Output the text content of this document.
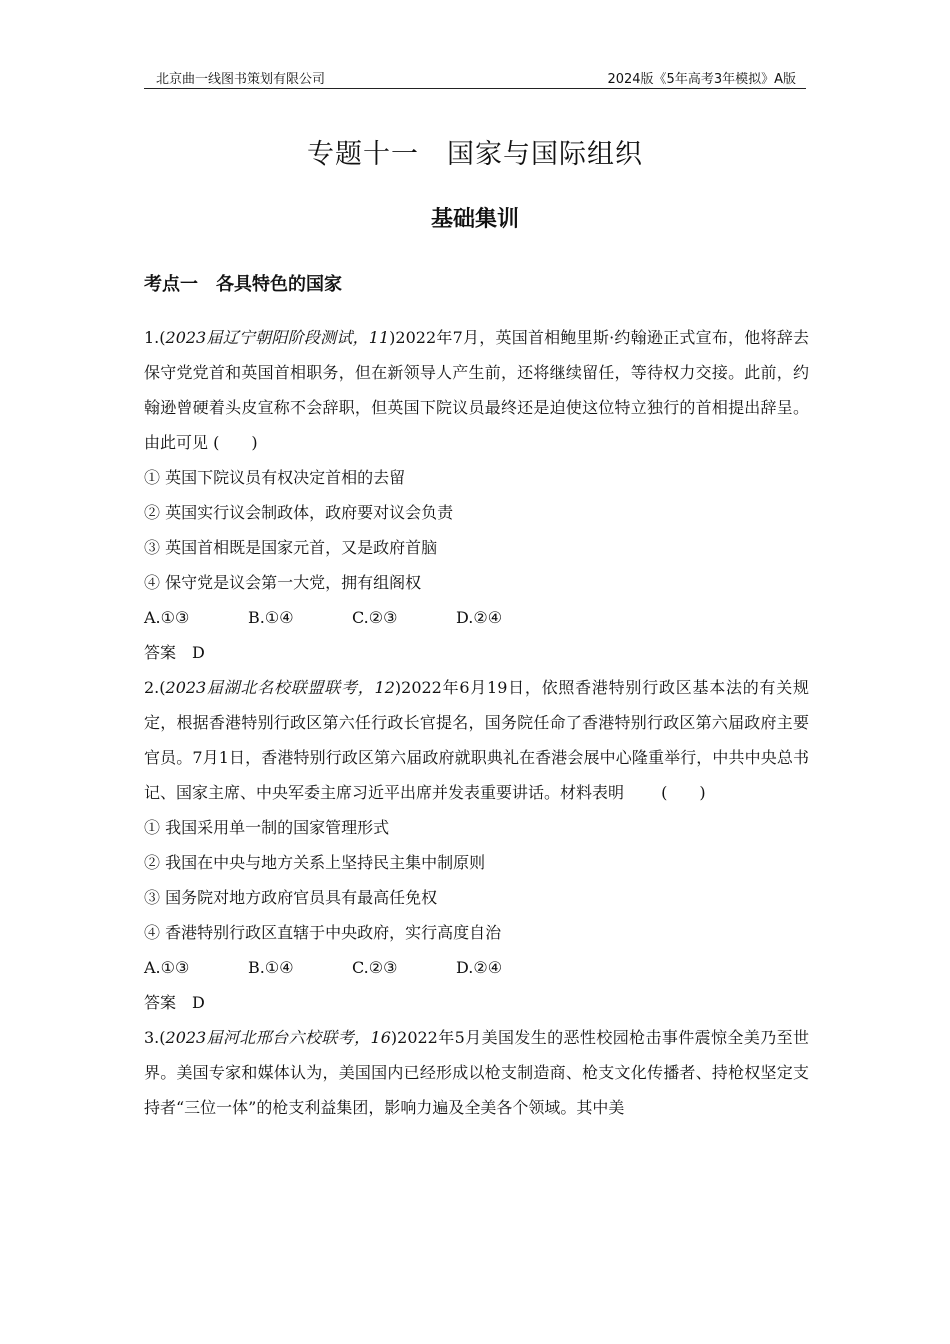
北京曲一线图书策划有限公司	2024版《5年高考3年模拟》A版
专题十一　国家与国际组织
基础集训
考点一　各具特色的国家
1.(2023届辽宁朝阳阶段测试，11)2022年7月，英国首相鲍里斯·约翰逊正式宣布，他将辞去保守党党首和英国首相职务，但在新领导人产生前，还将继续留任，等待权力交接。此前，约翰逊曾硬着头皮宣称不会辞职，但英国下院议员最终还是迫使这位特立独行的首相提出辞呈。由此可见 (　　)
① 英国下院议员有权决定首相的去留
② 英国实行议会制政体，政府要对议会负责
③ 英国首相既是国家元首，又是政府首脑
④ 保守党是议会第一大党，拥有组阁权
A.①③	B.①④	C.②③	D.②④
答案　D
2.(2023届湖北名校联盟联考，12)2022年6月19日，依照香港特别行政区基本法的有关规定，根据香港特别行政区第六任行政长官提名，国务院任命了香港特别行政区第六届政府主要官员。7月1日，香港特别行政区第六届政府就职典礼在香港会展中心隆重举行，中共中央总书记、国家主席、中央军委主席习近平出席并发表重要讲话。材料表明　　 (　　)
① 我国采用单一制的国家管理形式
② 我国在中央与地方关系上坚持民主集中制原则
③ 国务院对地方政府官员具有最高任免权
④ 香港特别行政区直辖于中央政府，实行高度自治
A.①③	B.①④	C.②③	D.②④
答案　D
3.(2023届河北邢台六校联考，16)2022年5月美国发生的恶性校园枪击事件震惊全美乃至世界。美国专家和媒体认为，美国国内已经形成以枪支制造商、枪支文化传播者、持枪权坚定支持者“三位一体”的枪支利益集团，影响力遍及全美各个领域。其中美
